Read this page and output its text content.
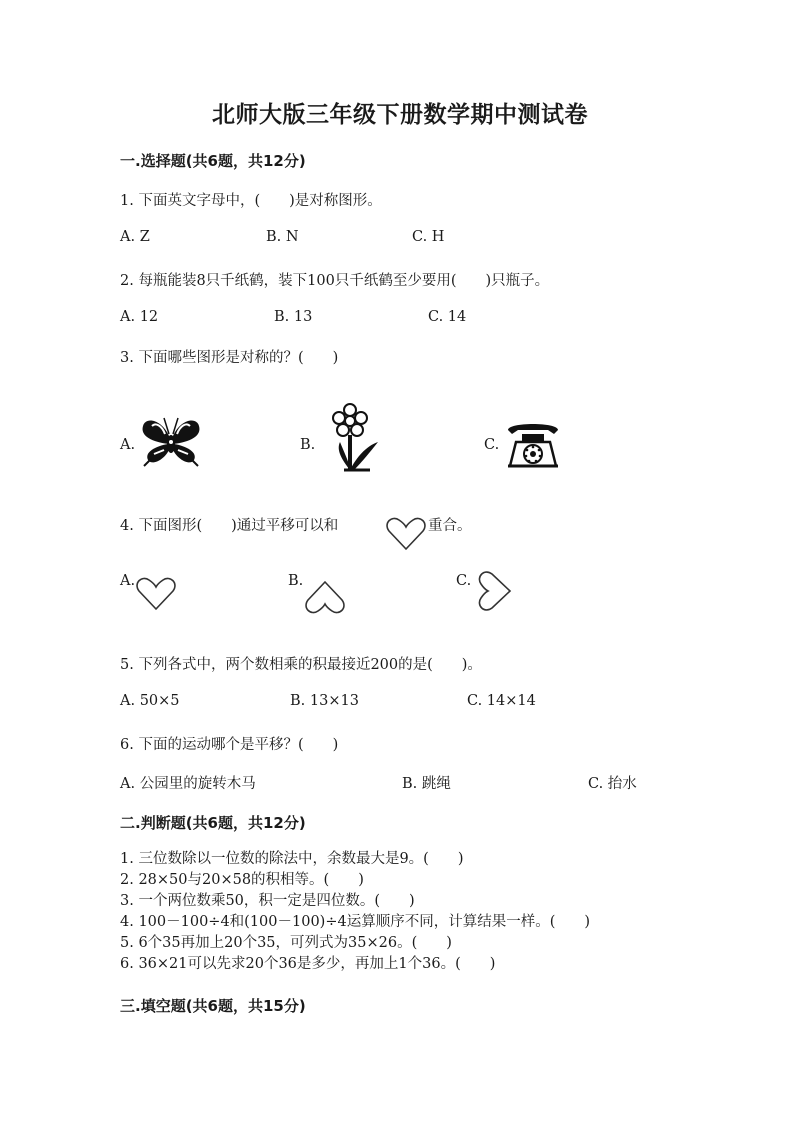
北师大版三年级下册数学期中测试卷
一.选择题(共6题，共12分)
1. 下面英文字母中，(　　)是对称图形。
A. Z	B. N	C. H
2. 每瓶能装8只千纸鹤，装下100只千纸鹤至少要用(　　)只瓶子。
A. 12	B. 13	C. 14
3. 下面哪些图形是对称的？(　　)
A.	B.	C.
4. 下面图形(　　)通过平移可以和	重合。
A.	B.	C.
5. 下列各式中，两个数相乘的积最接近200的是(　　)。
A. 50×5	B. 13×13	C. 14×14
6. 下面的运动哪个是平移？(　　)
A. 公园里的旋转木马	B. 跳绳	C. 抬水
二.判断题(共6题，共12分)
1. 三位数除以一位数的除法中，余数最大是9。(　　)
2. 28×50与20×58的积相等。(　　)
3. 一个两位数乘50，积一定是四位数。(　　)
4. 100－100÷4和(100－100)÷4运算顺序不同，计算结果一样。(　　)
5. 6个35再加上20个35，可列式为35×26。(　　)
6. 36×21可以先求20个36是多少，再加上1个36。(　　)
三.填空题(共6题，共15分)
